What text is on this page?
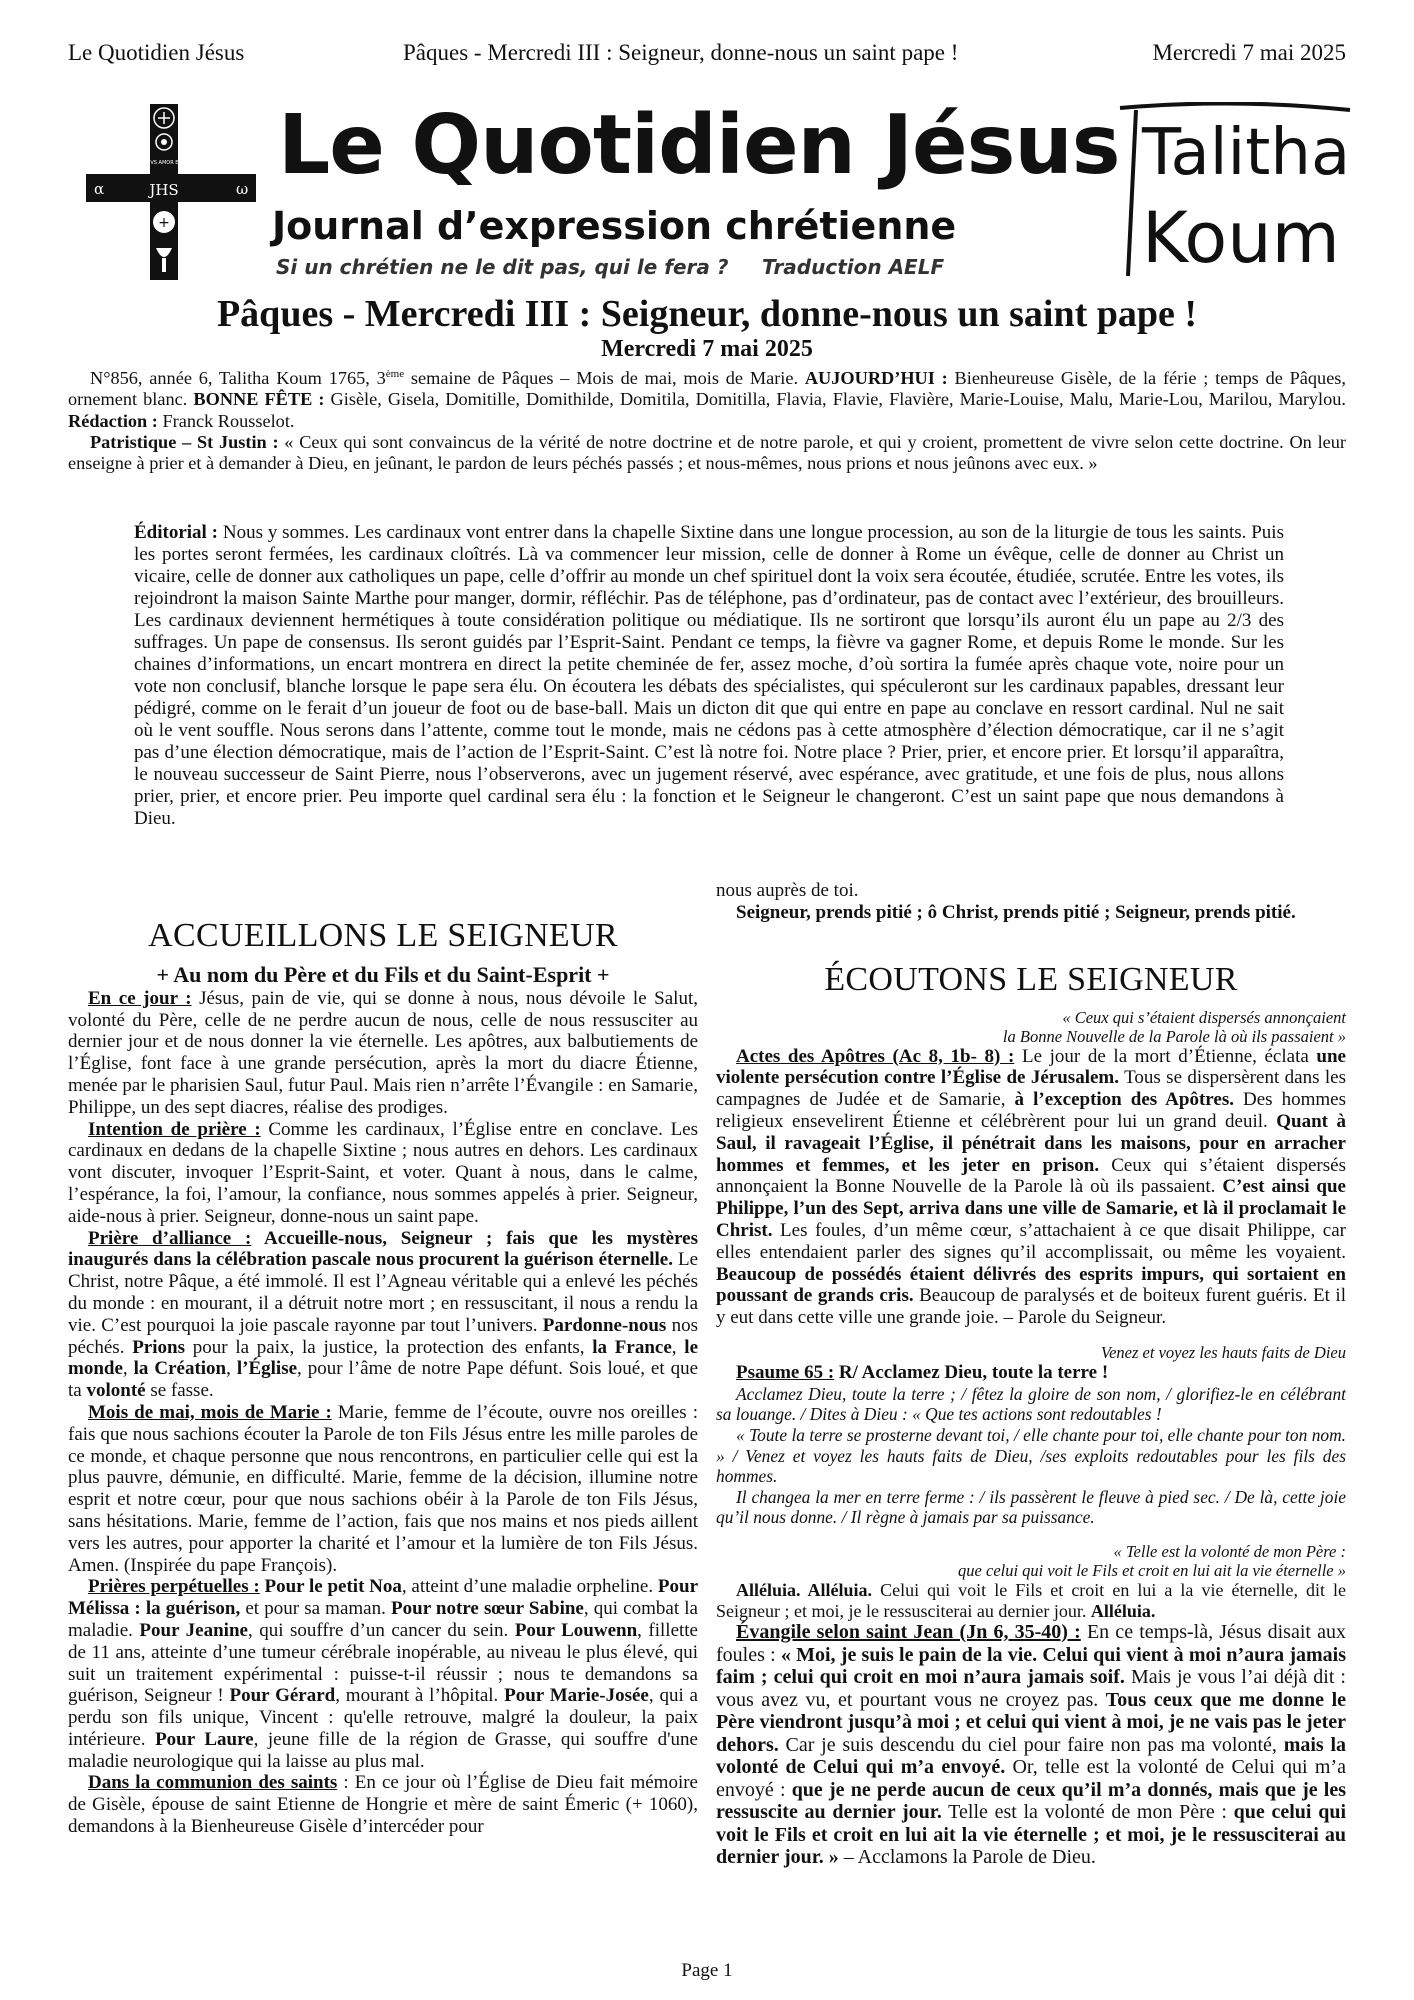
Le Quotidien Jésus	Pâques - Mercredi III : Seigneur, donne-nous un saint pape !	Mercredi 7 mai 2025
DEVS AMOR EST
α	JHS	ω
+
Le Quotidien Jésus
Journal d’expression chrétienne
Si un chrétien ne le dit pas, qui le fera ? Traduction AELF
Talitha
Koum
Pâques - Mercredi III : Seigneur, donne-nous un saint pape !
Mercredi 7 mai 2025

N°856, année 6, Talitha Koum 1765, 3ème semaine de Pâques – Mois de mai, mois de Marie. AUJOURD’HUI : Bienheureuse Gisèle, de la férie ; temps de Pâques, ornement blanc. BONNE FÊTE : Gisèle, Gisela, Domitille, Domithilde, Domitila, Domitilla, Flavia, Flavie, Flavière, Marie-Louise, Malu, Marie-Lou, Marilou, Marylou. Rédaction : Franck Rousselot.

Patristique – St Justin : « Ceux qui sont convaincus de la vérité de notre doctrine et de notre parole, et qui y croient, promettent de vivre selon cette doctrine. On leur enseigne à prier et à demander à Dieu, en jeûnant, le pardon de leurs péchés passés ; et nous-mêmes, nous prions et nous jeûnons avec eux. »

Éditorial : Nous y sommes. Les cardinaux vont entrer dans la chapelle Sixtine dans une longue procession, au son de la liturgie de tous les saints. Puis les portes seront fermées, les cardinaux cloîtrés. Là va commencer leur mission, celle de donner à Rome un évêque, celle de donner au Christ un vicaire, celle de donner aux catholiques un pape, celle d’offrir au monde un chef spirituel dont la voix sera écoutée, étudiée, scrutée. Entre les votes, ils rejoindront la maison Sainte Marthe pour manger, dormir, réfléchir. Pas de téléphone, pas d’ordinateur, pas de contact avec l’extérieur, des brouilleurs. Les cardinaux deviennent hermétiques à toute considération politique ou médiatique. Ils ne sortiront que lorsqu’ils auront élu un pape au 2/3 des suffrages. Un pape de consensus. Ils seront guidés par l’Esprit-Saint. Pendant ce temps, la fièvre va gagner Rome, et depuis Rome le monde. Sur les chaines d’informations, un encart montrera en direct la petite cheminée de fer, assez moche, d’où sortira la fumée après chaque vote, noire pour un vote non conclusif, blanche lorsque le pape sera élu. On écoutera les débats des spécialistes, qui spéculeront sur les cardinaux papables, dressant leur pédigré, comme on le ferait d’un joueur de foot ou de base-ball. Mais un dicton dit que qui entre en pape au conclave en ressort cardinal. Nul ne sait où le vent souffle. Nous serons dans l’attente, comme tout le monde, mais ne cédons pas à cette atmosphère d’élection démocratique, car il ne s’agit pas d’une élection démocratique, mais de l’action de l’Esprit-Saint. C’est là notre foi. Notre place ? Prier, prier, et encore prier. Et lorsqu’il apparaîtra, le nouveau successeur de Saint Pierre, nous l’observerons, avec un jugement réservé, avec espérance, avec gratitude, et une fois de plus, nous allons prier, prier, et encore prier. Peu importe quel cardinal sera élu : la fonction et le Seigneur le changeront. C’est un saint pape que nous demandons à Dieu.

ACCUEILLONS LE SEIGNEUR
+ Au nom du Père et du Fils et du Saint-Esprit +

En ce jour : Jésus, pain de vie, qui se donne à nous, nous dévoile le Salut, volonté du Père, celle de ne perdre aucun de nous, celle de nous ressusciter au dernier jour et de nous donner la vie éternelle. Les apôtres, aux balbutiements de l’Église, font face à une grande persécution, après la mort du diacre Étienne, menée par le pharisien Saul, futur Paul. Mais rien n’arrête l’Évangile : en Samarie, Philippe, un des sept diacres, réalise des prodiges.

Intention de prière : Comme les cardinaux, l’Église entre en conclave. Les cardinaux en dedans de la chapelle Sixtine ; nous autres en dehors. Les cardinaux vont discuter, invoquer l’Esprit-Saint, et voter. Quant à nous, dans le calme, l’espérance, la foi, l’amour, la confiance, nous sommes appelés à prier. Seigneur, aide-nous à prier. Seigneur, donne-nous un saint pape.

Prière d’alliance : Accueille-nous, Seigneur ; fais que les mystères inaugurés dans la célébration pascale nous procurent la guérison éternelle. Le Christ, notre Pâque, a été immolé. Il est l’Agneau véritable qui a enlevé les péchés du monde : en mourant, il a détruit notre mort ; en ressuscitant, il nous a rendu la vie. C’est pourquoi la joie pascale rayonne par tout l’univers. Pardonne-nous nos péchés. Prions pour la paix, la justice, la protection des enfants, la France, le monde, la Création, l’Église, pour l’âme de notre Pape défunt. Sois loué, et que ta volonté se fasse.

Mois de mai, mois de Marie : Marie, femme de l’écoute, ouvre nos oreilles : fais que nous sachions écouter la Parole de ton Fils Jésus entre les mille paroles de ce monde, et chaque personne que nous rencontrons, en particulier celle qui est la plus pauvre, démunie, en difficulté. Marie, femme de la décision, illumine notre esprit et notre cœur, pour que nous sachions obéir à la Parole de ton Fils Jésus, sans hésitations. Marie, femme de l’action, fais que nos mains et nos pieds aillent vers les autres, pour apporter la charité et l’amour et la lumière de ton Fils Jésus. Amen. (Inspirée du pape François).

Prières perpétuelles : Pour le petit Noa, atteint d’une maladie orpheline. Pour Mélissa : la guérison, et pour sa maman. Pour notre sœur Sabine, qui combat la maladie. Pour Jeanine, qui souffre d’un cancer du sein. Pour Louwenn, fillette de 11 ans, atteinte d’une tumeur cérébrale inopérable, au niveau le plus élevé, qui suit un traitement expérimental : puisse-t-il réussir ; nous te demandons sa guérison, Seigneur ! Pour Gérard, mourant à l’hôpital. Pour Marie-Josée, qui a perdu son fils unique, Vincent : qu'elle retrouve, malgré la douleur, la paix intérieure. Pour Laure, jeune fille de la région de Grasse, qui souffre d'une maladie neurologique qui la laisse au plus mal.

Dans la communion des saints : En ce jour où l’Église de Dieu fait mémoire de Gisèle, épouse de saint Etienne de Hongrie et mère de saint Émeric (+ 1060), demandons à la Bienheureuse Gisèle d’intercéder pour

nous auprès de toi.

Seigneur, prends pitié ; ô Christ, prends pitié ; Seigneur, prends pitié.

ÉCOUTONS LE SEIGNEUR

« Ceux qui s’étaient dispersés annonçaient

la Bonne Nouvelle de la Parole là où ils passaient »

Actes des Apôtres (Ac 8, 1b- 8) : Le jour de la mort d’Étienne, éclata une violente persécution contre l’Église de Jérusalem. Tous se dispersèrent dans les campagnes de Judée et de Samarie, à l’exception des Apôtres. Des hommes religieux ensevelirent Étienne et célébrèrent pour lui un grand deuil. Quant à Saul, il ravageait l’Église, il pénétrait dans les maisons, pour en arracher hommes et femmes, et les jeter en prison. Ceux qui s’étaient dispersés annonçaient la Bonne Nouvelle de la Parole là où ils passaient. C’est ainsi que Philippe, l’un des Sept, arriva dans une ville de Samarie, et là il proclamait le Christ. Les foules, d’un même cœur, s’attachaient à ce que disait Philippe, car elles entendaient parler des signes qu’il accomplissait, ou même les voyaient. Beaucoup de possédés étaient délivrés des esprits impurs, qui sortaient en poussant de grands cris. Beaucoup de paralysés et de boiteux furent guéris. Et il y eut dans cette ville une grande joie. – Parole du Seigneur.

Venez et voyez les hauts faits de Dieu

Psaume 65 : R/ Acclamez Dieu, toute la terre !

Acclamez Dieu, toute la terre ; / fêtez la gloire de son nom, / glorifiez-le en célébrant sa louange. / Dites à Dieu : « Que tes actions sont redoutables !

« Toute la terre se prosterne devant toi, / elle chante pour toi, elle chante pour ton nom. » / Venez et voyez les hauts faits de Dieu, /ses exploits redoutables pour les fils des hommes.

Il changea la mer en terre ferme : / ils passèrent le fleuve à pied sec. / De là, cette joie qu’il nous donne. / Il règne à jamais par sa puissance.

« Telle est la volonté de mon Père :

que celui qui voit le Fils et croit en lui ait la vie éternelle »

Alléluia. Alléluia. Celui qui voit le Fils et croit en lui a la vie éternelle, dit le Seigneur ; et moi, je le ressusciterai au dernier jour. Alléluia.

Évangile selon saint Jean (Jn 6, 35-40) : En ce temps-là, Jésus disait aux foules : « Moi, je suis le pain de la vie. Celui qui vient à moi n’aura jamais faim ; celui qui croit en moi n’aura jamais soif. Mais je vous l’ai déjà dit : vous avez vu, et pourtant vous ne croyez pas. Tous ceux que me donne le Père viendront jusqu’à moi ; et celui qui vient à moi, je ne vais pas le jeter dehors. Car je suis descendu du ciel pour faire non pas ma volonté, mais la volonté de Celui qui m’a envoyé. Or, telle est la volonté de Celui qui m’a envoyé : que je ne perde aucun de ceux qu’il m’a donnés, mais que je les ressuscite au dernier jour. Telle est la volonté de mon Père : que celui qui voit le Fils et croit en lui ait la vie éternelle ; et moi, je le ressusciterai au dernier jour. » – Acclamons la Parole de Dieu.

Page 1
